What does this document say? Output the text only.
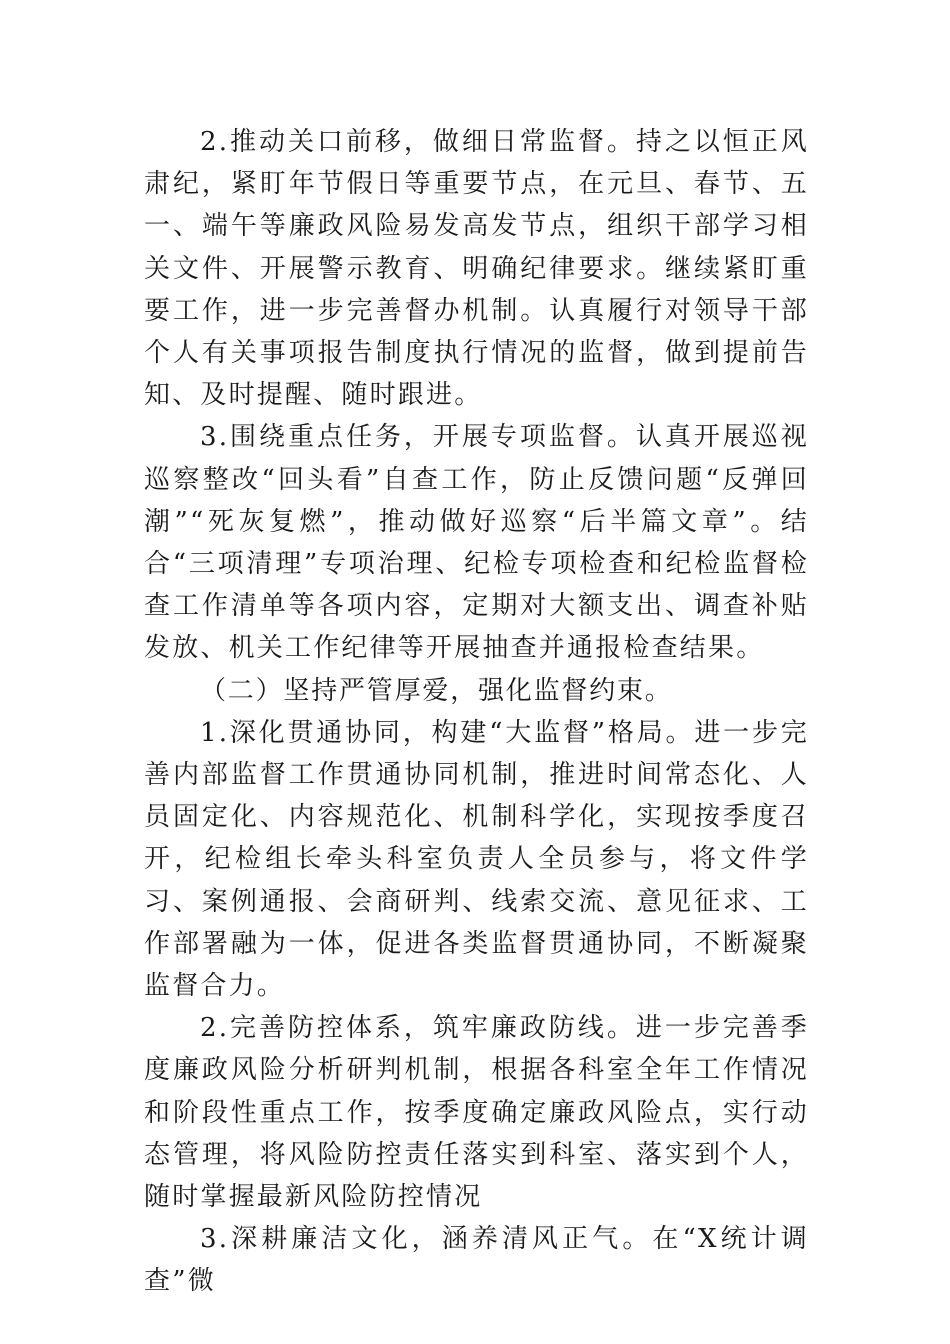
2.推动关口前移，做细日常监督。持之以恒正风肃纪，紧盯年节假日等重要节点，在元旦、春节、五一、端午等廉政风险易发高发节点，组织干部学习相关文件、开展警示教育、明确纪律要求。继续紧盯重要工作，进一步完善督办机制。认真履行对领导干部个人有关事项报告制度执行情况的监督，做到提前告知、及时提醒、随时跟进。

3.围绕重点任务，开展专项监督。认真开展巡视巡察整改“回头看”自查工作，防止反馈问题“反弹回潮”“死灰复燃”，推动做好巡察“后半篇文章”。结合“三项清理”专项治理、纪检专项检查和纪检监督检查工作清单等各项内容，定期对大额支出、调查补贴发放、机关工作纪律等开展抽查并通报检查结果。

（二）坚持严管厚爱，强化监督约束。

1.深化贯通协同，构建“大监督”格局。进一步完善内部监督工作贯通协同机制，推进时间常态化、人员固定化、内容规范化、机制科学化，实现按季度召开，纪检组长牵头科室负责人全员参与，将文件学习、案例通报、会商研判、线索交流、意见征求、工作部署融为一体，促进各类监督贯通协同，不断凝聚监督合力。

2.完善防控体系，筑牢廉政防线。进一步完善季度廉政风险分析研判机制，根据各科室全年工作情况和阶段性重点工作，按季度确定廉政风险点，实行动态管理，将风险防控责任落实到科室、落实到个人，随时掌握最新风险防控情况

3.深耕廉洁文化，涵养清风正气。在“X统计调查”微
